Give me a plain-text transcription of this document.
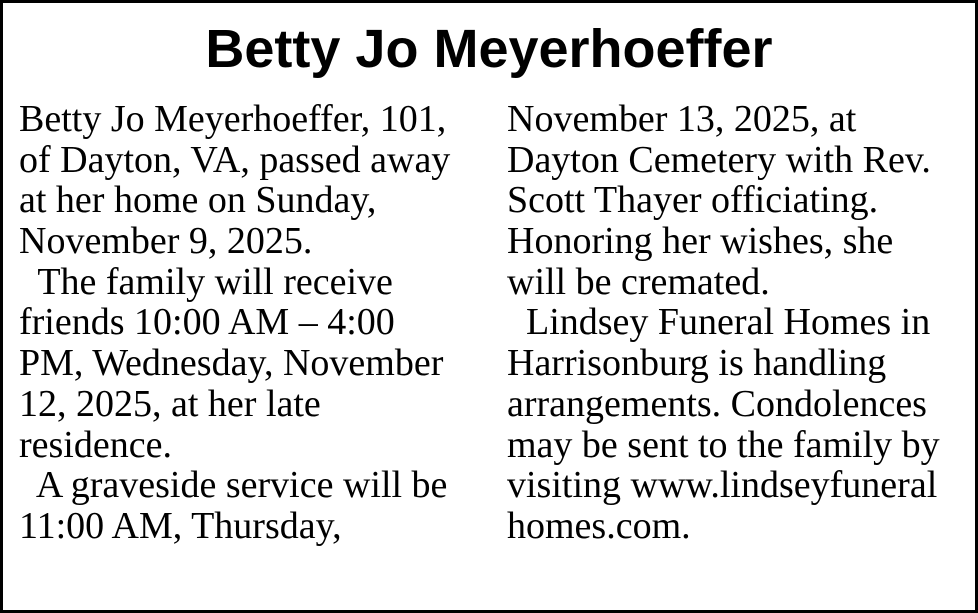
Betty Jo Meyerhoeffer
Betty Jo Meyerhoeffer, 101,
of Dayton, VA, passed away
at her home on Sunday,
November 9, 2025.
The family will receive
friends 10:00 AM – 4:00
PM, Wednesday, November
12, 2025, at her late
residence.
A graveside service will be
11:00 AM, Thursday,
November 13, 2025, at
Dayton Cemetery with Rev.
Scott Thayer officiating.
Honoring her wishes, she
will be cremated.
Lindsey Funeral Homes in
Harrisonburg is handling
arrangements. Condolences
may be sent to the family by
visiting www.lindseyfuneral
homes.com.
